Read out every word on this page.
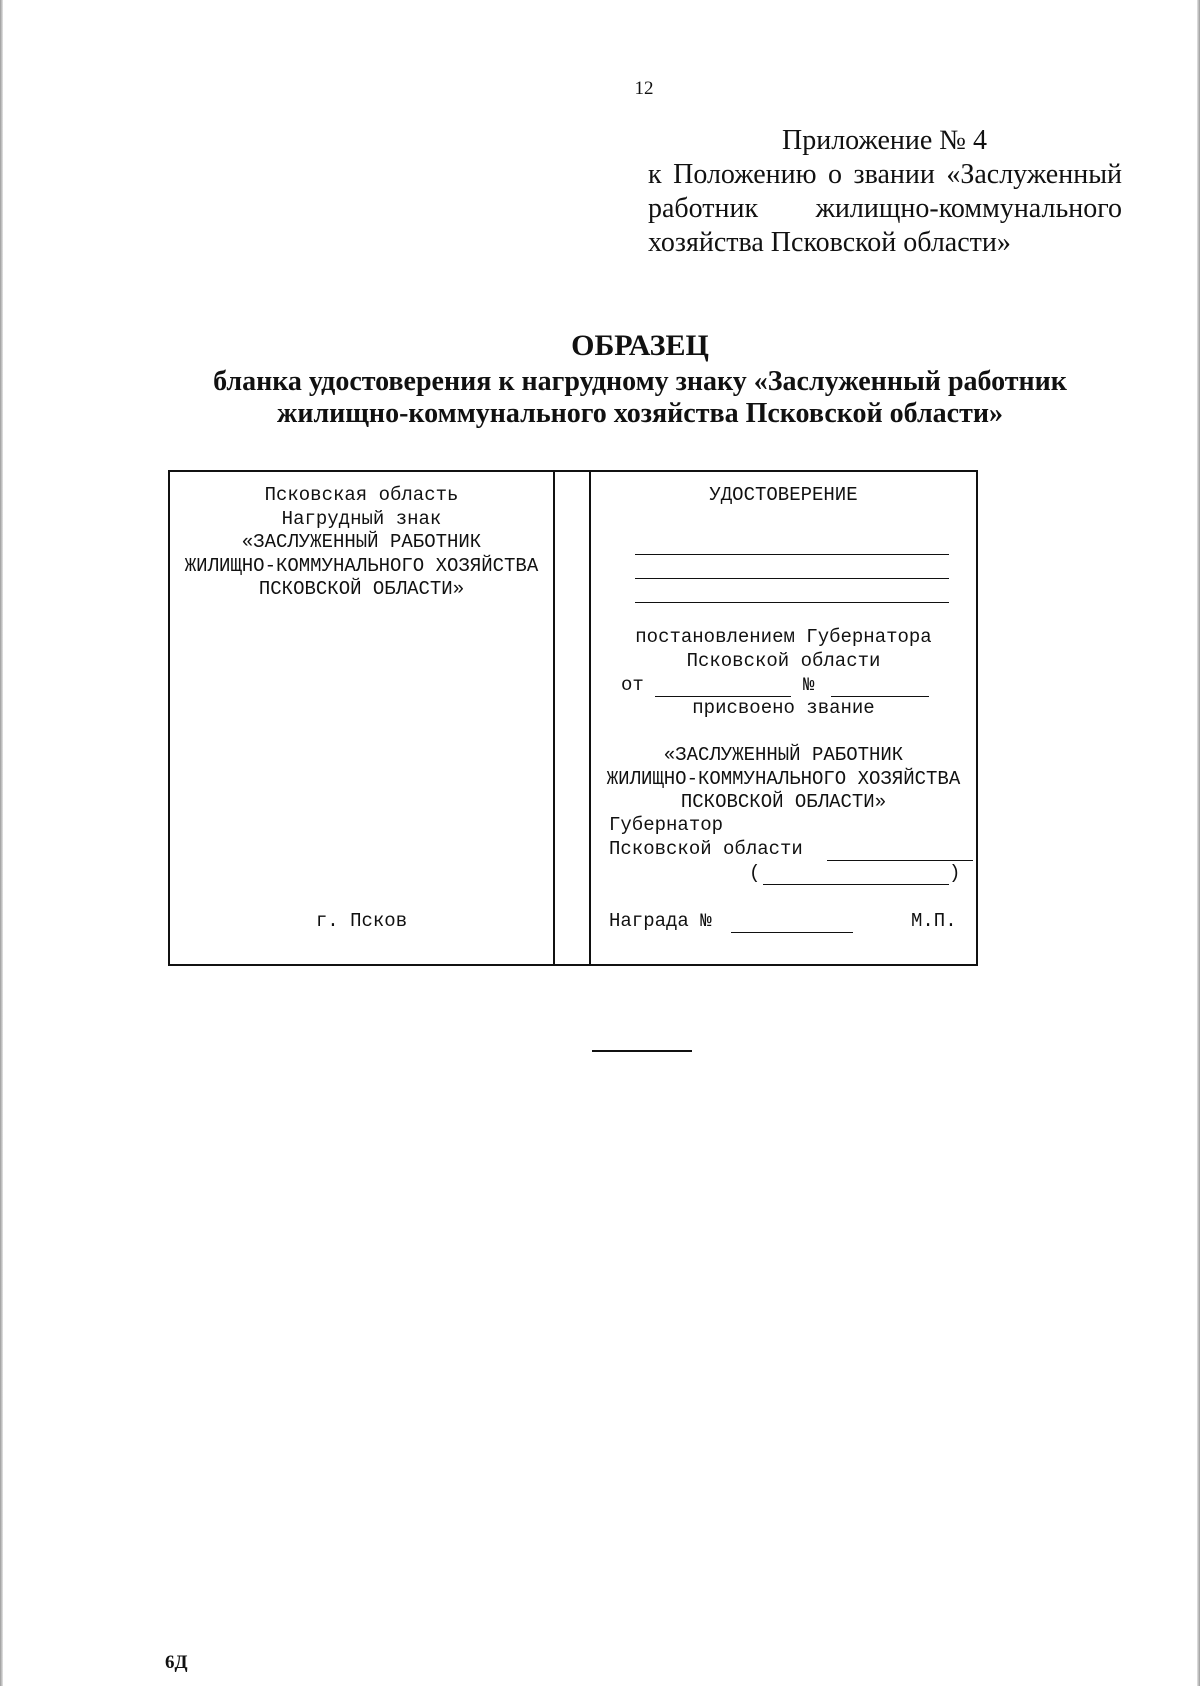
12
Приложение № 4
к Положению о звании «Заслуженный работник жилищно-коммунального хозяйства Псковской области»
ОБРАЗЕЦ
бланка удостоверения к нагрудному знаку «Заслуженный работник
жилищно-коммунального хозяйства Псковской области»
Псковская область
Нагрудный знак
«ЗАСЛУЖЕННЫЙ РАБОТНИК
ЖИЛИЩНО-КОММУНАЛЬНОГО ХОЗЯЙСТВА
ПСКОВСКОЙ ОБЛАСТИ»
г. Псков
УДОСТОВЕРЕНИЕ
постановлением Губернатора
Псковской области
от	№
присвоено звание
«ЗАСЛУЖЕННЫЙ РАБОТНИК
ЖИЛИЩНО-КОММУНАЛЬНОГО ХОЗЯЙСТВА
ПСКОВСКОЙ ОБЛАСТИ»
Губернатор
Псковской области
(	)
Награда №	М.П.
6Д
